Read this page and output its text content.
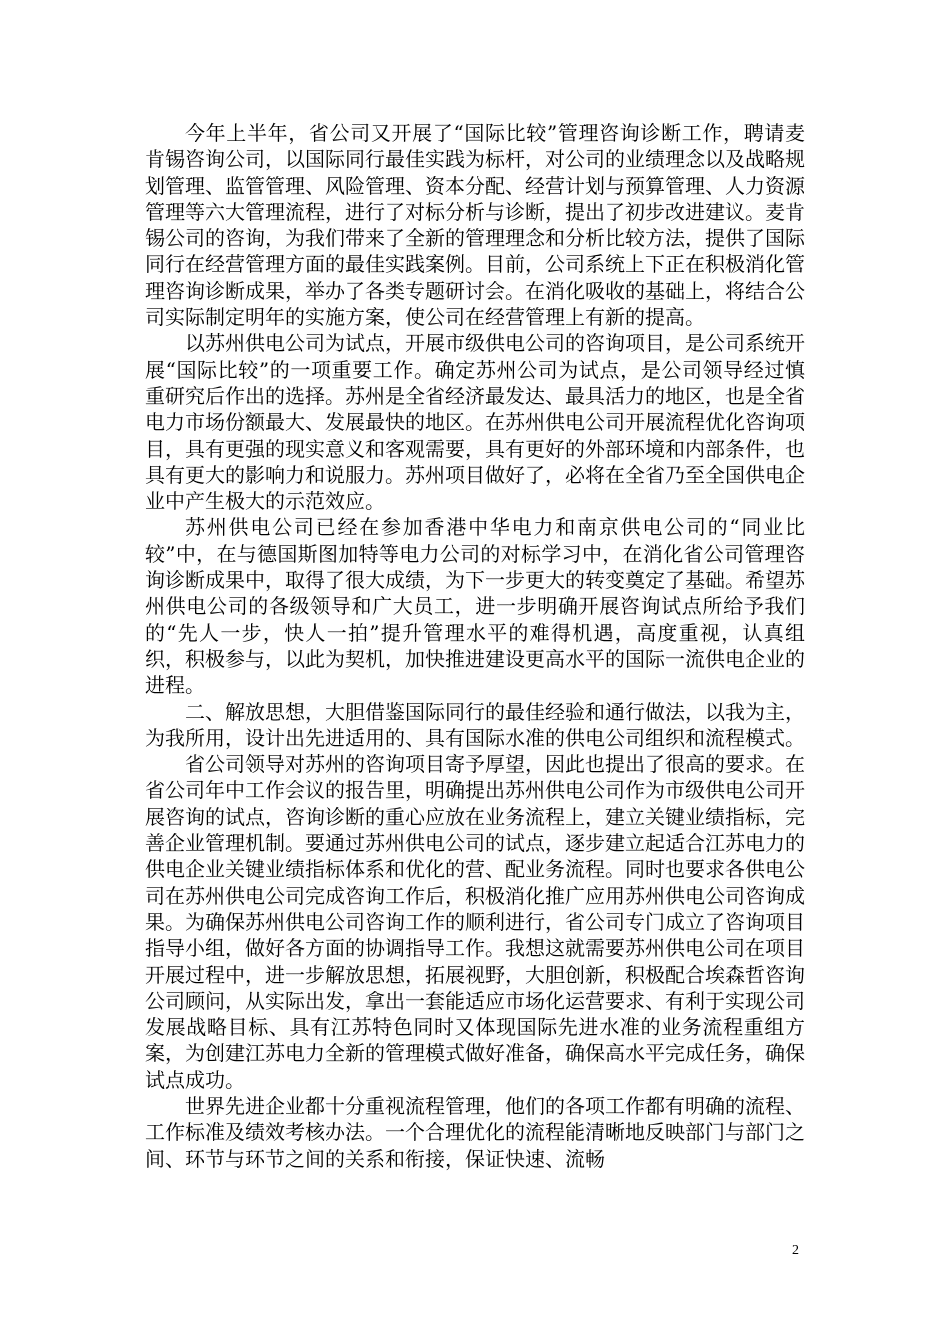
今年上半年，省公司又开展了“国际比较”管理咨询诊断工作，聘请麦肯锡咨询公司，以国际同行最佳实践为标杆，对公司的业绩理念以及战略规划管理、监管管理、风险管理、资本分配、经营计划与预算管理、人力资源管理等六大管理流程，进行了对标分析与诊断，提出了初步改进建议。麦肯锡公司的咨询，为我们带来了全新的管理理念和分析比较方法，提供了国际同行在经营管理方面的最佳实践案例。目前，公司系统上下正在积极消化管理咨询诊断成果，举办了各类专题研讨会。在消化吸收的基础上，将结合公司实际制定明年的实施方案，使公司在经营管理上有新的提高。

以苏州供电公司为试点，开展市级供电公司的咨询项目，是公司系统开展“国际比较”的一项重要工作。确定苏州公司为试点，是公司领导经过慎重研究后作出的选择。苏州是全省经济最发达、最具活力的地区，也是全省电力市场份额最大、发展最快的地区。在苏州供电公司开展流程优化咨询项目，具有更强的现实意义和客观需要，具有更好的外部环境和内部条件，也具有更大的影响力和说服力。苏州项目做好了，必将在全省乃至全国供电企业中产生极大的示范效应。

苏州供电公司已经在参加香港中华电力和南京供电公司的“同业比较”中，在与德国斯图加特等电力公司的对标学习中，在消化省公司管理咨询诊断成果中，取得了很大成绩，为下一步更大的转变奠定了基础。希望苏州供电公司的各级领导和广大员工，进一步明确开展咨询试点所给予我们的“先人一步，快人一拍”提升管理水平的难得机遇，高度重视，认真组织，积极参与，以此为契机，加快推进建设更高水平的国际一流供电企业的进程。

二、解放思想，大胆借鉴国际同行的最佳经验和通行做法，以我为主，为我所用，设计出先进适用的、具有国际水准的供电公司组织和流程模式。

省公司领导对苏州的咨询项目寄予厚望，因此也提出了很高的要求。在省公司年中工作会议的报告里，明确提出苏州供电公司作为市级供电公司开展咨询的试点，咨询诊断的重心应放在业务流程上，建立关键业绩指标，完善企业管理机制。要通过苏州供电公司的试点，逐步建立起适合江苏电力的供电企业关键业绩指标体系和优化的营、配业务流程。同时也要求各供电公司在苏州供电公司完成咨询工作后，积极消化推广应用苏州供电公司咨询成果。为确保苏州供电公司咨询工作的顺利进行，省公司专门成立了咨询项目指导小组，做好各方面的协调指导工作。我想这就需要苏州供电公司在项目开展过程中，进一步解放思想，拓展视野，大胆创新，积极配合埃森哲咨询公司顾问，从实际出发，拿出一套能适应市场化运营要求、有利于实现公司发展战略目标、具有江苏特色同时又体现国际先进水准的业务流程重组方案，为创建江苏电力全新的管理模式做好准备，确保高水平完成任务，确保试点成功。

世界先进企业都十分重视流程管理，他们的各项工作都有明确的流程、工作标准及绩效考核办法。一个合理优化的流程能清晰地反映部门与部门之间、环节与环节之间的关系和衔接，保证快速、流畅

2
